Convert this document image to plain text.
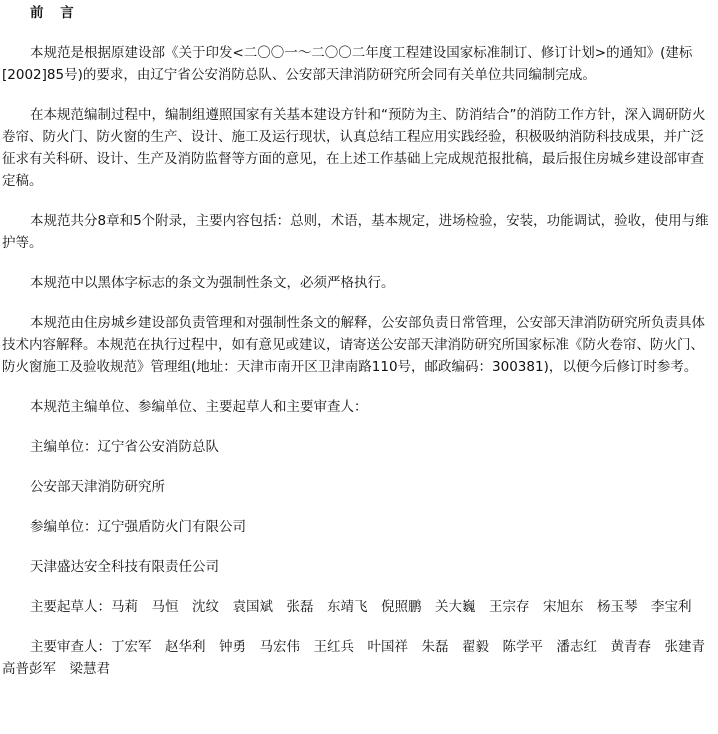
前 言

本规范是根据原建设部《关于印发<二〇〇一～二〇〇二年度工程建设国家标准制订、修订计划>的通知》(建标[2002]85号)的要求，由辽宁省公安消防总队、公安部天津消防研究所会同有关单位共同编制完成。

在本规范编制过程中，编制组遵照国家有关基本建设方针和“预防为主、防消结合”的消防工作方针，深入调研防火卷帘、防火门、防火窗的生产、设计、施工及运行现状，认真总结工程应用实践经验，积极吸纳消防科技成果，并广泛征求有关科研、设计、生产及消防监督等方面的意见，在上述工作基础上完成规范报批稿，最后报住房城乡建设部审查定稿。

本规范共分8章和5个附录，主要内容包括：总则，术语，基本规定，进场检验，安装，功能调试，验收，使用与维护等。

本规范中以黑体字标志的条文为强制性条文，必须严格执行。

本规范由住房城乡建设部负责管理和对强制性条文的解释，公安部负责日常管理，公安部天津消防研究所负责具体技术内容解释。本规范在执行过程中，如有意见或建议，请寄送公安部天津消防研究所国家标准《防火卷帘、防火门、防火窗施工及验收规范》管理组(地址：天津市南开区卫津南路110号，邮政编码：300381)，以便今后修订时参考。

本规范主编单位、参编单位、主要起草人和主要审查人：

主编单位：辽宁省公安消防总队

公安部天津消防研究所

参编单位：辽宁强盾防火门有限公司

天津盛达安全科技有限责任公司

主要起草人：马莉　马恒　沈纹　袁国斌　张磊　东靖飞　倪照鹏　关大巍　王宗存　宋旭东　杨玉琴　李宝利

主要审查人：丁宏军　赵华利　钟勇　马宏伟　王红兵　叶国祥　朱磊　翟毅　陈学平　潘志红　黄青春　张建青　高普彭军　梁慧君
